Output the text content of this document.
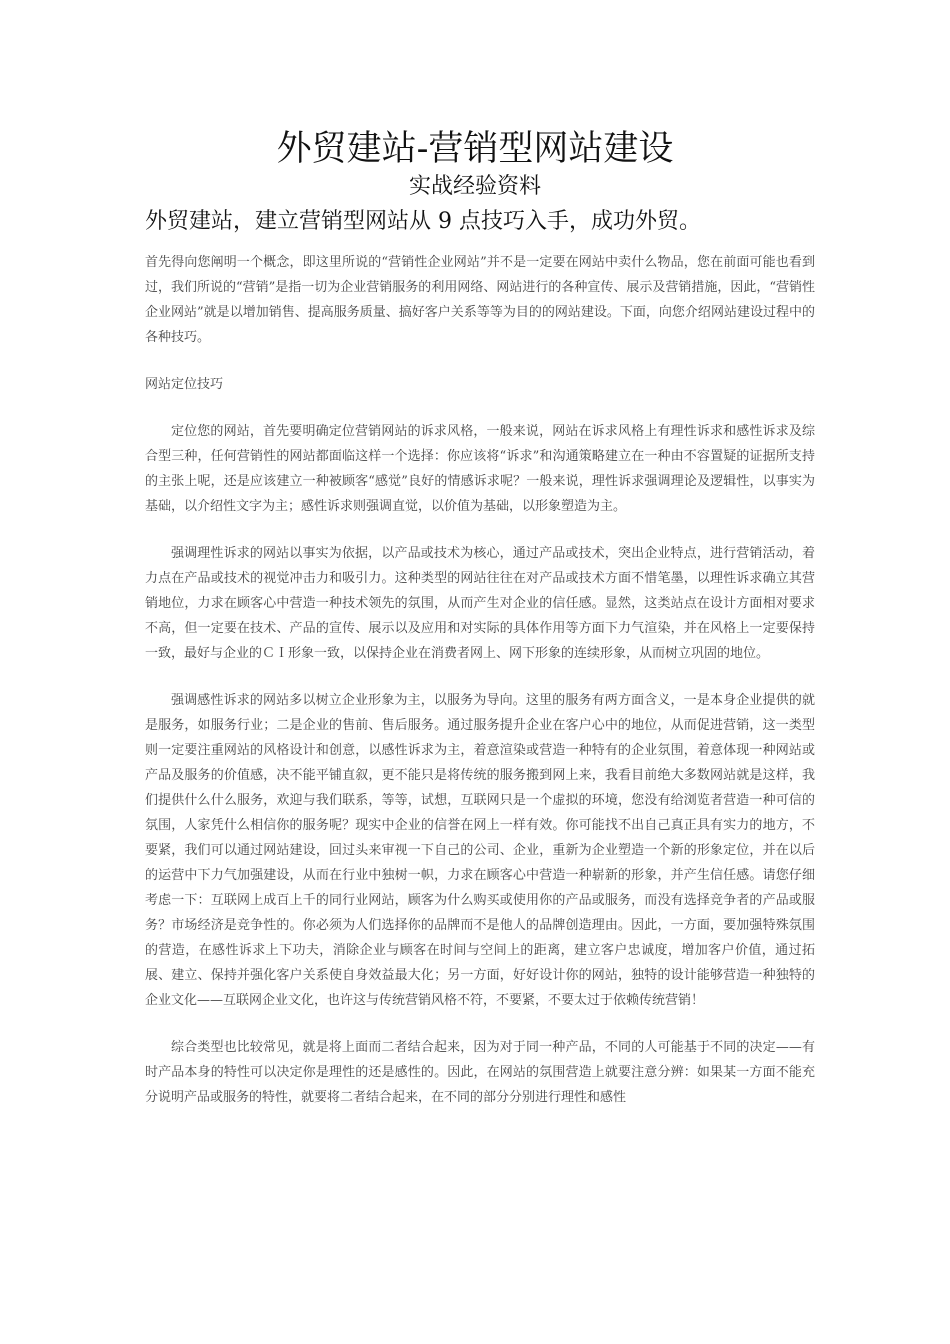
外贸建站-营销型网站建设
实战经验资料
外贸建站，建立营销型网站从 9 点技巧入手，成功外贸。

首先得向您阐明一个概念，即这里所说的“营销性企业网站”并不是一定要在网站中卖什么物品，您在前面可能也看到过，我们所说的“营销”是指一切为企业营销服务的利用网络、网站进行的各种宣传、展示及营销措施，因此，“营销性企业网站”就是以增加销售、提高服务质量、搞好客户关系等等为目的的网站建设。下面，向您介绍网站建设过程中的各种技巧。

网站定位技巧

定位您的网站，首先要明确定位营销网站的诉求风格，一般来说，网站在诉求风格上有理性诉求和感性诉求及综合型三种，任何营销性的网站都面临这样一个选择：你应该将“诉求”和沟通策略建立在一种由不容置疑的证据所支持的主张上呢，还是应该建立一种被顾客“感觉”良好的情感诉求呢？一般来说，理性诉求强调理论及逻辑性，以事实为基础，以介绍性文字为主；感性诉求则强调直觉，以价值为基础，以形象塑造为主。

强调理性诉求的网站以事实为依据，以产品或技术为核心，通过产品或技术，突出企业特点，进行营销活动，着力点在产品或技术的视觉冲击力和吸引力。这种类型的网站往往在对产品或技术方面不惜笔墨，以理性诉求确立其营销地位，力求在顾客心中营造一种技术领先的氛围，从而产生对企业的信任感。显然，这类站点在设计方面相对要求不高，但一定要在技术、产品的宣传、展示以及应用和对实际的具体作用等方面下力气渲染，并在风格上一定要保持一致，最好与企业的ＣＩ形象一致，以保持企业在消费者网上、网下形象的连续形象，从而树立巩固的地位。

强调感性诉求的网站多以树立企业形象为主，以服务为导向。这里的服务有两方面含义，一是本身企业提供的就是服务，如服务行业；二是企业的售前、售后服务。通过服务提升企业在客户心中的地位，从而促进营销，这一类型则一定要注重网站的风格设计和创意，以感性诉求为主，着意渲染或营造一种特有的企业氛围，着意体现一种网站或产品及服务的价值感，决不能平铺直叙，更不能只是将传统的服务搬到网上来，我看目前绝大多数网站就是这样，我们提供什么什么服务，欢迎与我们联系，等等，试想，互联网只是一个虚拟的环境，您没有给浏览者营造一种可信的氛围，人家凭什么相信你的服务呢？现实中企业的信誉在网上一样有效。你可能找不出自己真正具有实力的地方，不要紧，我们可以通过网站建设，回过头来审视一下自己的公司、企业，重新为企业塑造一个新的形象定位，并在以后的运营中下力气加强建设，从而在行业中独树一帜，力求在顾客心中营造一种崭新的形象，并产生信任感。请您仔细考虑一下：互联网上成百上千的同行业网站，顾客为什么购买或使用你的产品或服务，而没有选择竞争者的产品或服务？市场经济是竞争性的。你必须为人们选择你的品牌而不是他人的品牌创造理由。因此，一方面，要加强特殊氛围的营造，在感性诉求上下功夫，消除企业与顾客在时间与空间上的距离，建立客户忠诚度，增加客户价值，通过拓展、建立、保持并强化客户关系使自身效益最大化；另一方面，好好设计你的网站，独特的设计能够营造一种独特的企业文化——互联网企业文化，也许这与传统营销风格不符，不要紧，不要太过于依赖传统营销！

综合类型也比较常见，就是将上面而二者结合起来，因为对于同一种产品，不同的人可能基于不同的决定——有时产品本身的特性可以决定你是理性的还是感性的。因此，在网站的氛围营造上就要注意分辨：如果某一方面不能充分说明产品或服务的特性，就要将二者结合起来，在不同的部分分别进行理性和感性
